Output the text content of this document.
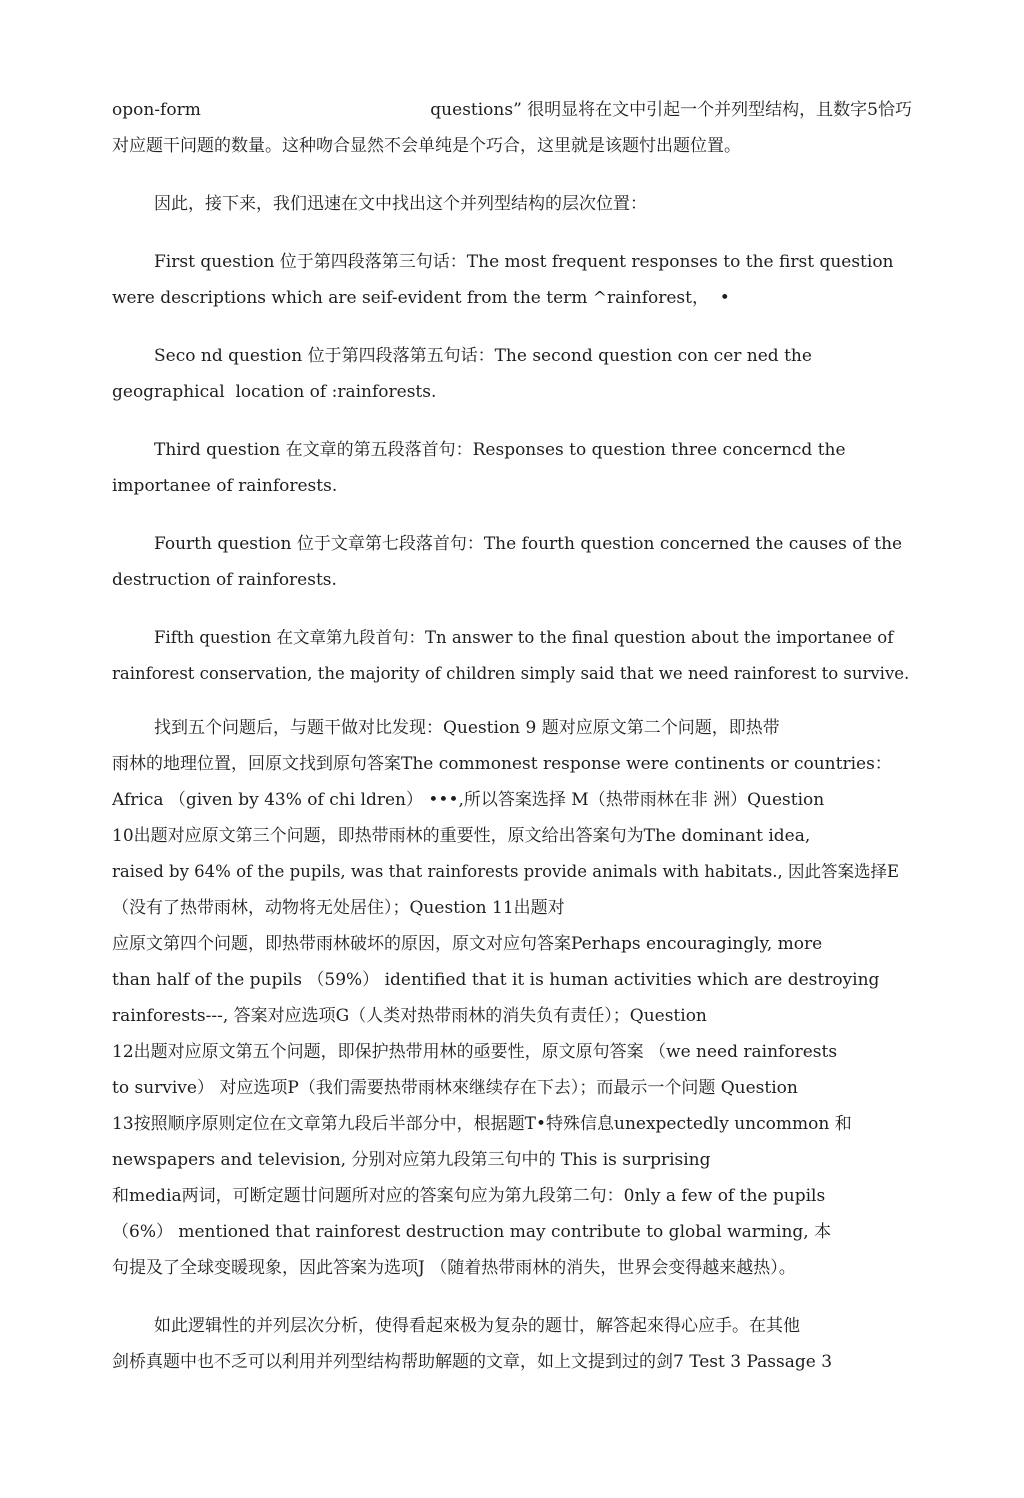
opon-form	questions” 很明显将在文中引起一个并列型结构，且数字5恰巧
对应题干问题的数量。这种吻合显然不会单纯是个巧合，这里就是该题忖出题位置。
因此，接下来，我们迅速在文中找出这个并列型结构的层次位置：
First question 位于第四段落第三句话：The most frequent responses to the first question
were descriptions which are seif-evident from the term ^rainforest，  •
Seco nd question 位于第四段落第五句话：The second question con cer ned the
geographical  location of :rainforests.
Third question 在文章的第五段落首句：Responses to question three concerncd the
importanee of rainforests.
Fourth question 位于文章第七段落首句：The fourth question concerned the causes of the
destruction of rainforests.
Fifth question 在文章第九段首句：Tn answer to the final question about the importanee of
rainforest conservation, the majority of children simply said that we need rainforest to survive.
找到五个问题后，与题干做对比发现：Question 9 题对应原文第二个问题，即热带
雨林的地理位置，回原文找到原句答案The commonest response were continents or countries：
Africa （given by 43% of chi ldren） •••,所以答案选择 M（热带雨林在非 洲）Question
10出题对应原文第三个问题，即热带雨林的重要性，原文给出答案句为The dominant idea,
raised by 64% of the pupils, was that rainforests provide animals with habitats., 因此答案选择E
（没有了热带雨林，动物将无处居住）；Question 11出题对
应原文第四个问题，即热带雨林破坏的原因，原文对应句答案Perhaps encouragingly, more
than half of the pupils （59%） identified that it is human activities which are destroying
rainforests---, 答案对应选项G（人类对热带雨林的消失负有责任）；Question
12出题对应原文第五个问题，即保护热带用林的亟要性，原文原句答案 （we need rainforests
to survive） 对应选项P（我们需要热带雨林來继续存在下去）；而最示一个问题 Question
13按照顺序原则定位在文章第九段后半部分中，根据题T•特殊信息unexpectedly uncommon 和
newspapers and television, 分别对应第九段第三句中的 This is surprising
和media两词，可断定题廿问题所对应的答案句应为第九段第二句：0nly a few of the pupils
（6%） mentioned that rainforest destruction may contribute to global warming, 本
句提及了全球变暖现象，因此答案为选项J （随着热带雨林的消失，世界会变得越来越热）。
如此逻辑性的并列层次分析，使得看起來极为复杂的题廿，解答起來得心应手。在其他
剑桥真题中也不乏可以利用并列型结构帮助解题的文章，如上文提到过的剑7 Test 3 Passage 3
